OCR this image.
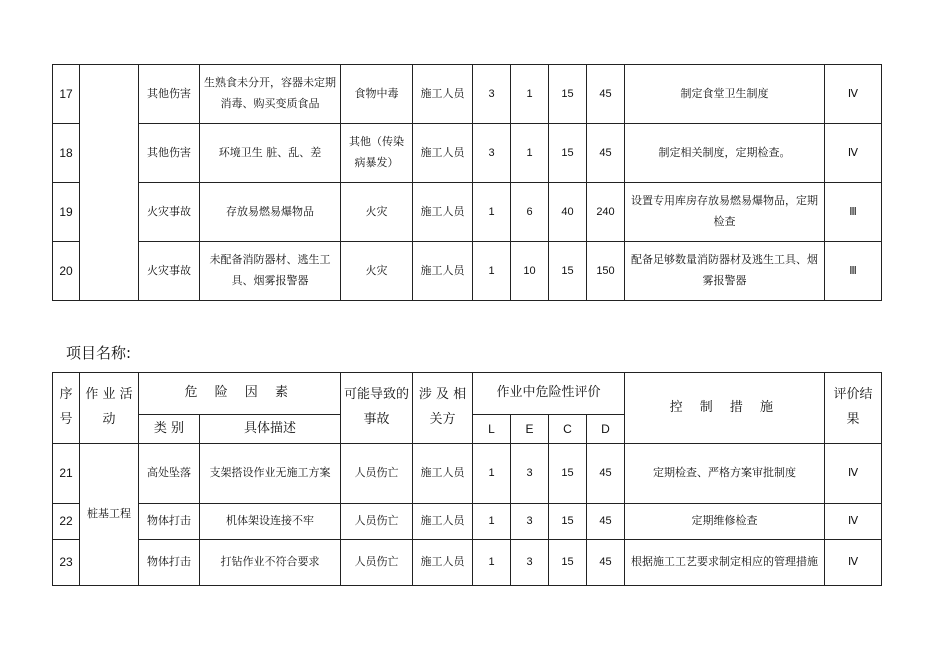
17		其他伤害	生熟食未分开，容器未定期消毒、购买变质食品	食物中毒	施工人员	3	1	15	45	制定食堂卫生制度	Ⅳ
18		其他伤害	环境卫生 脏、乱、差	其他（传染病暴发）	施工人员	3	1	15	45	制定相关制度，定期检查。	Ⅳ
19		火灾事故	存放易燃易爆物品	火灾	施工人员	1	6	40	240	设置专用库房存放易燃易爆物品，定期检查	Ⅲ
20		火灾事故	未配备消防器材、逃生工具、烟雾报警器	火灾	施工人员	1	10	15	150	配备足够数量消防器材及逃生工具、烟雾报警器	Ⅲ
项目名称:
序号	作 业 活 动	危 险 因 素		可能导致的事故	涉 及 相关方	作业中危险性评价				控 制 措 施	评价结果
		类 别	具体描述			L	E	C	D		
21	桩基工程	高处坠落	支架搭设作业无施工方案	人员伤亡	施工人员	1	3	15	45	定期检查、严格方案审批制度	Ⅳ
22		物体打击	机体架设连接不牢	人员伤亡	施工人员	1	3	15	45	定期维修检查	Ⅳ
23		物体打击	打钻作业不符合要求	人员伤亡	施工人员	1	3	15	45	根据施工工艺要求制定相应的管理措施	Ⅳ
